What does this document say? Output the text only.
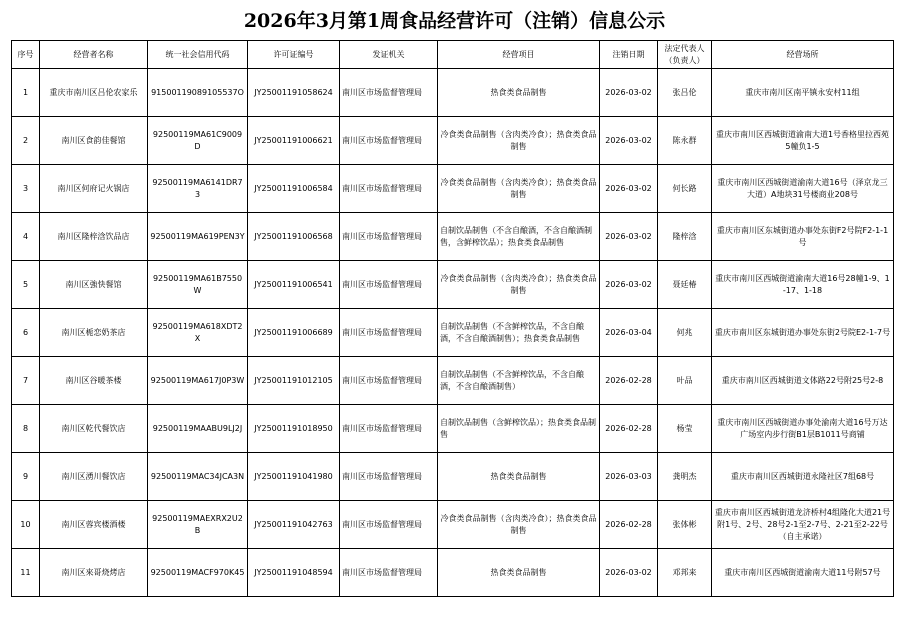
2026年3月第1周食品经营许可（注销）信息公示
序号	经营者名称	统一社会信用代码	许可证编号	发证机关	经营项目	注销日期	法定代表人（负责人）	经营场所
1	重庆市南川区吕伦农家乐	91500119089105537O	JY25001191058624	南川区市场监督管理局	热食类食品制售	2026-03-02	张吕伦	重庆市南川区南平镇永安村11组
2	南川区食韵佳餐馆	92500119MA61C9009D	JY25001191006621	南川区市场监督管理局	冷食类食品制售（含肉类冷食）；热食类食品制售	2026-03-02	陈永群	重庆市南川区西城街道渝南大道1号香格里拉西苑5幢负1-5
3	南川区何府记火锅店	92500119MA6141DR73	JY25001191006584	南川区市场监督管理局	冷食类食品制售（含肉类冷食）；热食类食品制售	2026-03-02	何长路	重庆市南川区西城街道渝南大道16号（泽京龙三大道）A地块31号楼商业208号
4	南川区隆梓浛饮品店	92500119MA619PEN3Y	JY25001191006568	南川区市场监督管理局	自制饮品制售（不含自酿酒，不含自酿酒制售，含鲜榨饮品）；热食类食品制售	2026-03-02	隆梓浛	重庆市南川区东城街道办事处东街F2号院F2-1-1号
5	南川区強快餐馆	92500119MA61B7550W	JY25001191006541	南川区市场监督管理局	冷食类食品制售（含肉类冷食）；热食类食品制售	2026-03-02	聂廷椿	重庆市南川区西城街道渝南大道16号28幢1-9、1-17、1-18
6	南川区栀恋奶茶店	92500119MA618XDT2X	JY25001191006689	南川区市场监督管理局	自制饮品制售（不含鲜榨饮品，不含自酿酒，不含自酿酒制售）；热食类食品制售	2026-03-04	何兆	重庆市南川区东城街道办事处东街2号院E2-1-7号
7	南川区谷暖茶楼	92500119MA617J0P3W	JY25001191012105	南川区市场监督管理局	自制饮品制售（不含鲜榨饮品，不含自酿酒，不含自酿酒制售）	2026-02-28	叶品	重庆市南川区西城街道文体路22号附25号2-8
8	南川区乾代餐饮店	92500119MAABU9LJ2J	JY25001191018950	南川区市场监督管理局	自制饮品制售（含鲜榨饮品）；热食类食品制售	2026-02-28	杨莹	重庆市南川区西城街道办事处渝南大道16号万达广场室内步行街B1层B1011号商铺
9	南川区湧川餐饮店	92500119MAC34JCA3N	JY25001191041980	南川区市场监督管理局	热食类食品制售	2026-03-03	龚明杰	重庆市南川区西城街道永隆社区7组68号
10	南川区蓉宾楼酒楼	92500119MAEXRX2U2B	JY25001191042763	南川区市场监督管理局	冷食类食品制售（含肉类冷食）；热食类食品制售	2026-02-28	张体彬	重庆市南川区西城街道龙济桥村4组隆化大道21号附1号、2号、28号2-1至2-7号、2-21至2-22号（自主承诺）
11	南川区來哥烧烤店	92500119MACF970K45	JY25001191048594	南川区市场监督管理局	热食类食品制售	2026-03-02	邓邦来	重庆市南川区西城街道渝南大道11号附57号
